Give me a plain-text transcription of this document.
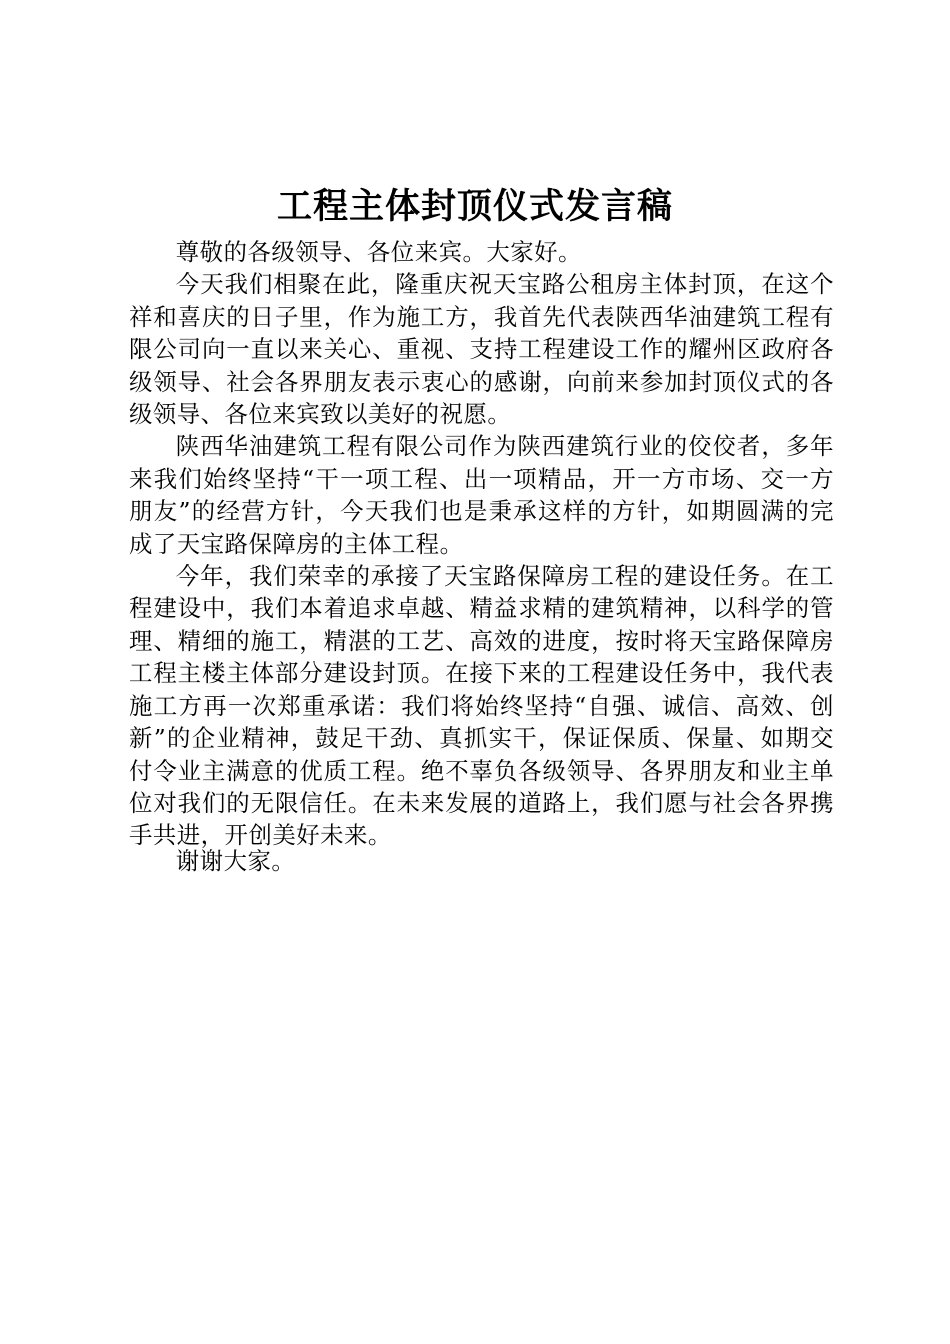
工程主体封顶仪式发言稿

尊敬的各级领导、各位来宾。大家好。

今天我们相聚在此，隆重庆祝天宝路公租房主体封顶，在这个祥和喜庆的日子里，作为施工方，我首先代表陕西华油建筑工程有限公司向一直以来关心、重视、支持工程建设工作的耀州区政府各级领导、社会各界朋友表示衷心的感谢，向前来参加封顶仪式的各级领导、各位来宾致以美好的祝愿。

陕西华油建筑工程有限公司作为陕西建筑行业的佼佼者，多年来我们始终坚持“干一项工程、出一项精品，开一方市场、交一方朋友”的经营方针，今天我们也是秉承这样的方针，如期圆满的完成了天宝路保障房的主体工程。

今年，我们荣幸的承接了天宝路保障房工程的建设任务。在工程建设中，我们本着追求卓越、精益求精的建筑精神，以科学的管理、精细的施工，精湛的工艺、高效的进度，按时将天宝路保障房工程主楼主体部分建设封顶。在接下来的工程建设任务中，我代表施工方再一次郑重承诺：我们将始终坚持“自强、诚信、高效、创新”的企业精神，鼓足干劲、真抓实干，保证保质、保量、如期交付令业主满意的优质工程。绝不辜负各级领导、各界朋友和业主单位对我们的无限信任。在未来发展的道路上，我们愿与社会各界携手共进，开创美好未来。

谢谢大家。
